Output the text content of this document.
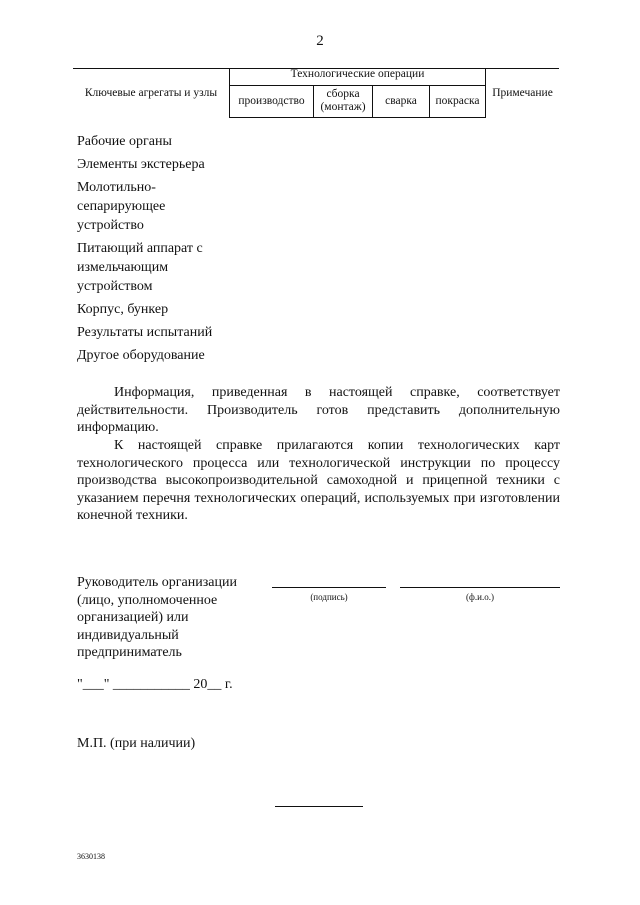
2
Ключевые агрегаты и узлы	Технологические операции				Примечание
	производство	сборка (монтаж)	сварка	покраска	
Рабочие органы
Элементы экстерьера
Молотильно-сепарирующее устройство
Питающий аппарат с измельчающим устройством
Корпус, бункер
Результаты испытаний
Другое оборудование

Информация, приведенная в настоящей справке, соответствует действительности. Производитель готов представить дополнительную информацию.

К настоящей справке прилагаются копии технологических карт технологического процесса или технологической инструкции по процессу производства высокопроизводительной самоходной и прицепной техники с указанием перечня технологических операций, используемых при изготовлении конечной техники.

Руководитель организации (лицо, уполномоченное организацией) или индивидуальный предприниматель
(подпись)	(ф.и.о.)
"___" ___________ 20__ г.
М.П. (при наличии)
3630138
